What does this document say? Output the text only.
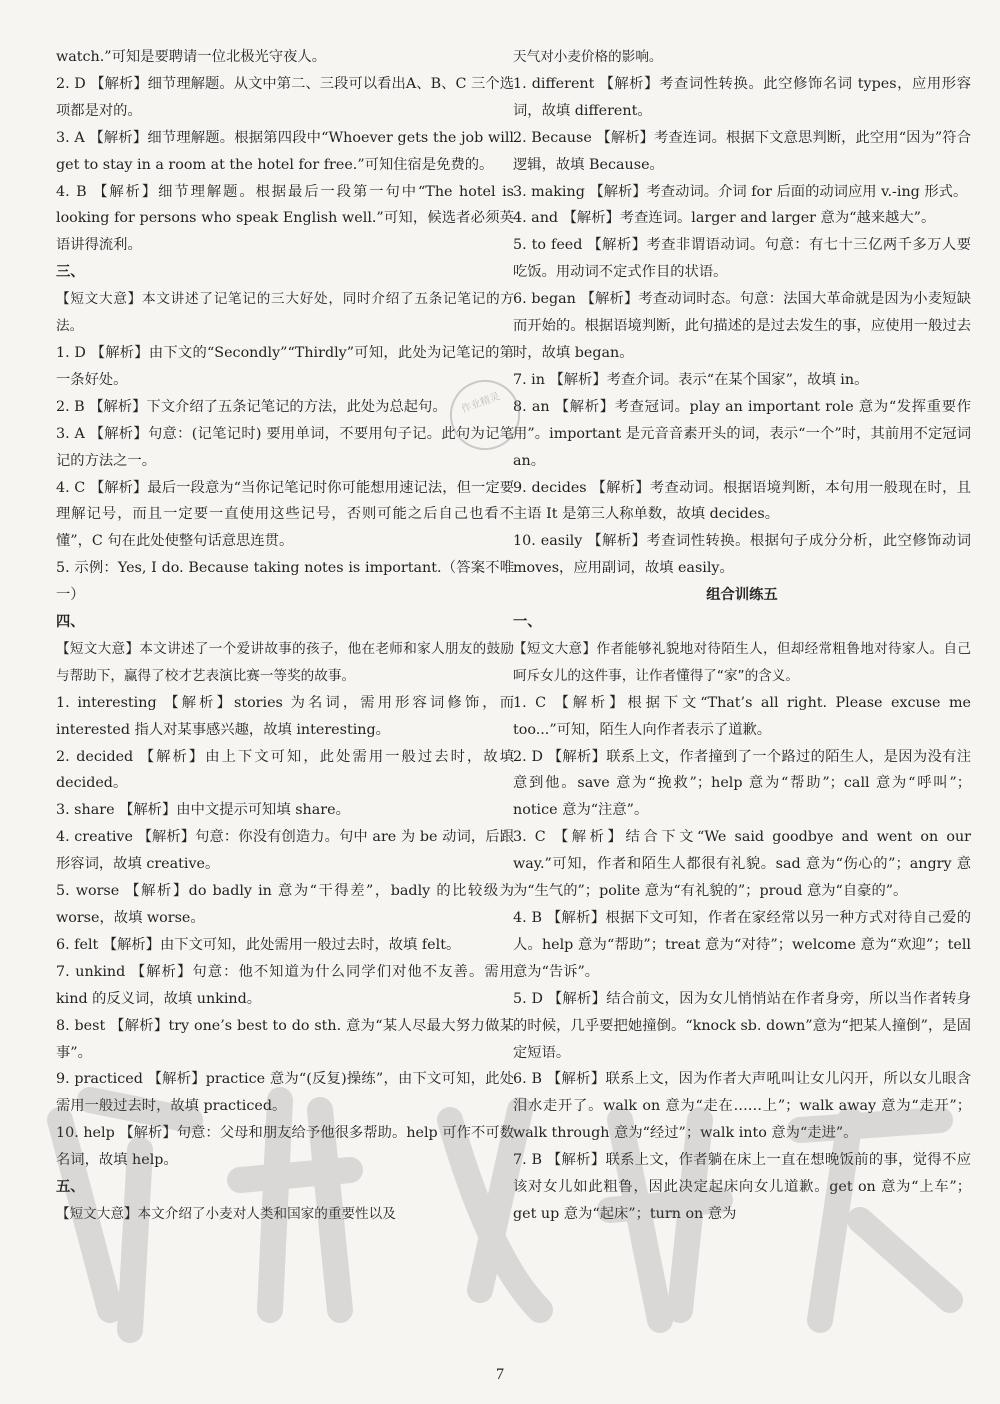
watch.”可知是要聘请一位北极光守夜人。
2. D 【解析】细节理解题。从文中第二、三段可以看出A、B、C 三个选项都是对的。
3. A 【解析】细节理解题。根据第四段中“Whoever gets the job will get to stay in a room at the hotel for free.”可知住宿是免费的。
4. B 【解析】细节理解题。根据最后一段第一句中“The hotel is looking for persons who speak English well.”可知，候选者必须英语讲得流利。
三、
【短文大意】本文讲述了记笔记的三大好处，同时介绍了五条记笔记的方法。
1. D 【解析】由下文的“Secondly”“Thirdly”可知，此处为记笔记的第一条好处。
2. B 【解析】下文介绍了五条记笔记的方法，此处为总起句。
3. A 【解析】句意：(记笔记时) 要用单词，不要用句子记。此句为记笔记的方法之一。
4. C 【解析】最后一段意为“当你记笔记时你可能想用速记法，但一定要理解记号，而且一定要一直使用这些记号，否则可能之后自己也看不懂”，C 句在此处使整句话意思连贯。
5. 示例：Yes, I do. Because taking notes is important.（答案不唯一）
四、
【短文大意】本文讲述了一个爱讲故事的孩子，他在老师和家人朋友的鼓励与帮助下，赢得了校才艺表演比赛一等奖的故事。
1. interesting 【解析】stories 为名词，需用形容词修饰，而 interested 指人对某事感兴趣，故填 interesting。
2. decided 【解析】由上下文可知，此处需用一般过去时，故填 decided。
3. share 【解析】由中文提示可知填 share。
4. creative 【解析】句意：你没有创造力。句中 are 为 be 动词，后跟形容词，故填 creative。
5. worse 【解析】do badly in 意为“干得差”，badly 的比较级为 worse，故填 worse。
6. felt 【解析】由下文可知，此处需用一般过去时，故填 felt。
7. unkind 【解析】句意：他不知道为什么同学们对他不友善。需用 kind 的反义词，故填 unkind。
8. best 【解析】try one’s best to do sth. 意为“某人尽最大努力做某事”。
9. practiced 【解析】practice 意为“(反复)操练”，由下文可知，此处需用一般过去时，故填 practiced。
10. help 【解析】句意：父母和朋友给予他很多帮助。help 可作不可数名词，故填 help。
五、
【短文大意】本文介绍了小麦对人类和国家的重要性以及
天气对小麦价格的影响。
1. different 【解析】考查词性转换。此空修饰名词 types，应用形容词，故填 different。
2. Because 【解析】考查连词。根据下文意思判断，此空用“因为”符合逻辑，故填 Because。
3. making 【解析】考查动词。介词 for 后面的动词应用 v.-ing 形式。
4. and 【解析】考查连词。larger and larger 意为“越来越大”。
5. to feed 【解析】考查非谓语动词。句意：有七十三亿两千多万人要吃饭。用动词不定式作目的状语。
6. began 【解析】考查动词时态。句意：法国大革命就是因为小麦短缺而开始的。根据语境判断，此句描述的是过去发生的事，应使用一般过去时，故填 began。
7. in 【解析】考查介词。表示“在某个国家”，故填 in。
8. an 【解析】考查冠词。play an important role 意为“发挥重要作用”。important 是元音音素开头的词，表示“一个”时，其前用不定冠词 an。
9. decides 【解析】考查动词。根据语境判断，本句用一般现在时，且主语 It 是第三人称单数，故填 decides。
10. easily 【解析】考查词性转换。根据句子成分分析，此空修饰动词 moves，应用副词，故填 easily。
组合训练五
一、
【短文大意】作者能够礼貌地对待陌生人，但却经常粗鲁地对待家人。自己呵斥女儿的这件事，让作者懂得了“家”的含义。
1. C 【解析】根据下文“That’s all right. Please excuse me too...”可知，陌生人向作者表示了道歉。
2. D 【解析】联系上文，作者撞到了一个路过的陌生人，是因为没有注意到他。save 意为“挽救”；help 意为“帮助”；call 意为“呼叫”；notice 意为“注意”。
3. C 【解析】结合下文“We said goodbye and went on our way.”可知，作者和陌生人都很有礼貌。sad 意为“伤心的”；angry 意为“生气的”；polite 意为“有礼貌的”；proud 意为“自豪的”。
4. B 【解析】根据下文可知，作者在家经常以另一种方式对待自己爱的人。help 意为“帮助”；treat 意为“对待”；welcome 意为“欢迎”；tell 意为“告诉”。
5. D 【解析】结合前文，因为女儿悄悄站在作者身旁，所以当作者转身的时候，几乎要把她撞倒。“knock sb. down”意为“把某人撞倒”，是固定短语。
6. B 【解析】联系上文，因为作者大声吼叫让女儿闪开，所以女儿眼含泪水走开了。walk on 意为“走在……上”；walk away 意为“走开”；walk through 意为“经过”；walk into 意为“走进”。
7. B 【解析】联系上文，作者躺在床上一直在想晚饭前的事，觉得不应该对女儿如此粗鲁，因此决定起床向女儿道歉。get on 意为“上车”；get up 意为“起床”；turn on 意为
作业精灵
7
